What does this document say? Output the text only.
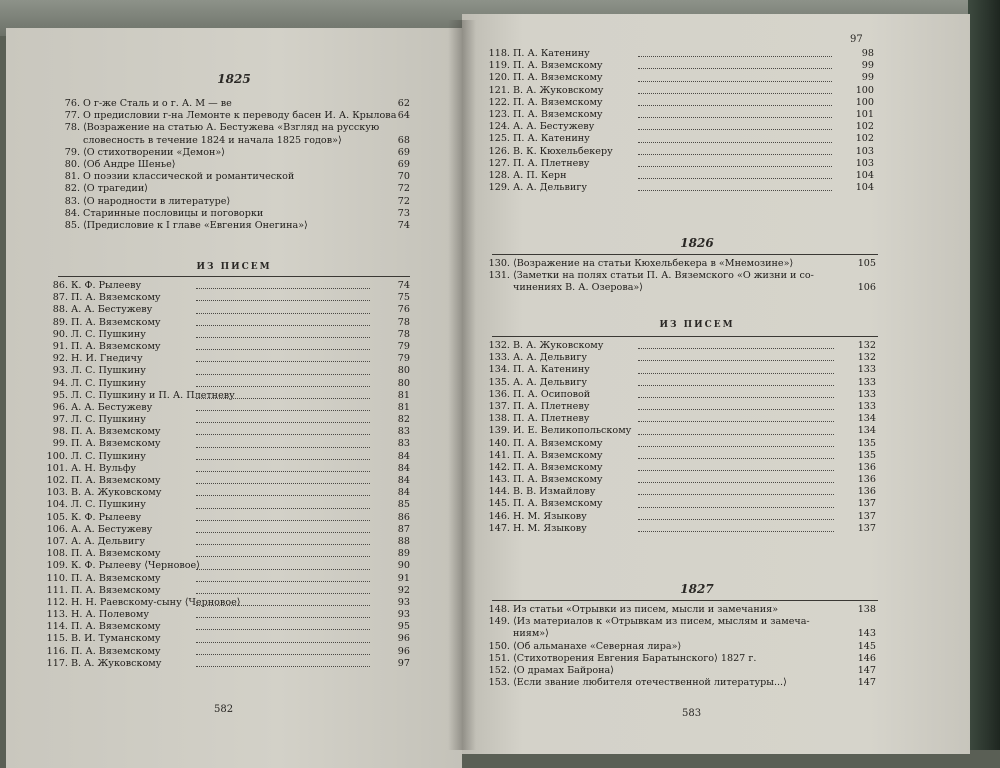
1825
76. О г-же Сталь и о г. А. М — ве	62
77. О предисловии г-на Лемонте к переводу басен И. А. Крылова 64
78. ⟨Возражение на статью А. Бестужева «Взгляд на русскую
словесность в течение 1824 и начала 1825 годов»⟩	68
79. ⟨О стихотворении «Демон»⟩	69
80. ⟨Об Андре Шенье⟩	69
81. О поэзии классической и романтической	70
82. ⟨О трагедии⟩	72
83. ⟨О народности в литературе⟩	72
84. Старинные пословицы и поговорки	73
85. ⟨Предисловие к I главе «Евгения Онегина»⟩	74
ИЗ ПИСЕМ
86. К. Ф. Рылееву	74
87. П. А. Вяземскому	75
88. А. А. Бестужеву	76
89. П. А. Вяземскому	78
90. Л. С. Пушкину	78
91. П. А. Вяземскому	79
92. Н. И. Гнедичу	79
93. Л. С. Пушкину	80
94. Л. С. Пушкину	80
95. Л. С. Пушкину и П. А. Плетневу	81
96. А. А. Бестужеву	81
97. Л. С. Пушкину	82
98. П. А. Вяземскому	83
99. П. А. Вяземскому	83
100. Л. С. Пушкину	84
101. А. Н. Вульфу	84
102. П. А. Вяземскому	84
103. В. А. Жуковскому	84
104. Л. С. Пушкину	85
105. К. Ф. Рылееву	86
106. А. А. Бестужеву	87
107. А. А. Дельвигу	88
108. П. А. Вяземскому	89
109. К. Ф. Рылееву ⟨Черновое⟩	90
110. П. А. Вяземскому	91
111. П. А. Вяземскому	92
112. Н. Н. Раевскому-сыну ⟨Черновое⟩	93
113. Н. А. Полевому	93
114. П. А. Вяземскому	95
115. В. И. Туманскому	96
116. П. А. Вяземскому	96
117. В. А. Жуковскому	97
582
97
118. П. А. Катенину	98
119. П. А. Вяземскому	99
120. П. А. Вяземскому	99
121. В. А. Жуковскому	100
122. П. А. Вяземскому	100
123. П. А. Вяземскому	101
124. А. А. Бестужеву	102
125. П. А. Катенину	102
126. В. К. Кюхельбекеру	103
127. П. А. Плетневу	103
128. А. П. Керн	104
129. А. А. Дельвигу	104
1826
130. ⟨Возражение на статьи Кюхельбекера в «Мнемозине»⟩	105
131. ⟨Заметки на полях статьи П. А. Вяземского «О жизни и со-
чинениях В. А. Озерова»⟩	106
ИЗ ПИСЕМ
132. В. А. Жуковскому	132
133. А. А. Дельвигу	132
134. П. А. Катенину	133
135. А. А. Дельвигу	133
136. П. А. Осиповой	133
137. П. А. Плетневу	133
138. П. А. Плетневу	134
139. И. Е. Великопольскому	134
140. П. А. Вяземскому	135
141. П. А. Вяземскому	135
142. П. А. Вяземскому	136
143. П. А. Вяземскому	136
144. В. В. Измайлову	136
145. П. А. Вяземскому	137
146. Н. М. Языкову	137
147. Н. М. Языкову	137
1827
148. Из статьи «Отрывки из писем, мысли и замечания»	138
149. ⟨Из материалов к «Отрывкам из писем, мыслям и замеча-
ниям»⟩	143
150. ⟨Об альманахе «Северная лира»⟩	145
151. ⟨Стихотворения Евгения Баратынского⟩ 1827 г.	146
152. ⟨О драмах Байрона⟩	147
153. ⟨Если звание любителя отечественной литературы...⟩	147
583
